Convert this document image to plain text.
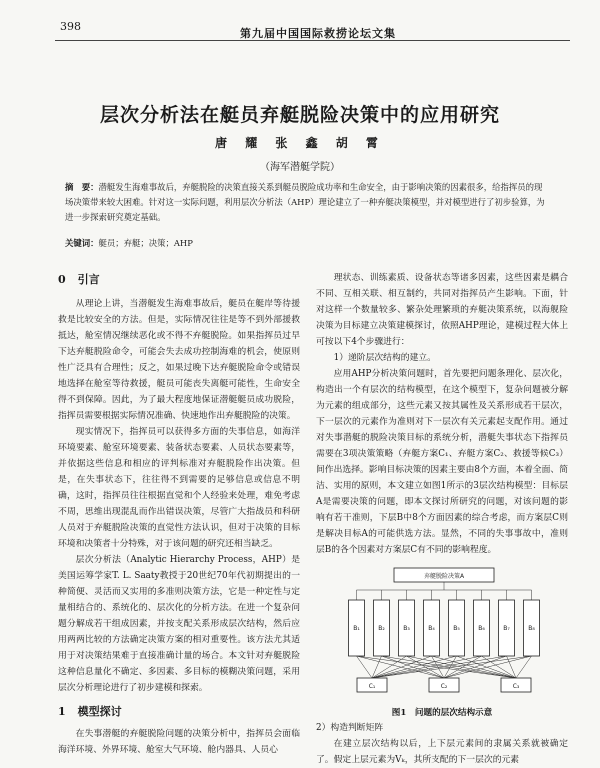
398
第九届中国国际救捞论坛文集
层次分析法在艇员弃艇脱险决策中的应用研究
唐 耀 张 鑫 胡 霄
（海军潜艇学院）
摘　要：潜艇发生海难事故后，弃艇脱险的决策直接关系到艇员脱险成功率和生命安全，由于影响决策的因素很多，给指挥员的现场决策带来较大困难。针对这一实际问题，利用层次分析法（AHP）理论建立了一种弃艇决策模型，并对模型进行了初步验算，为进一步探索研究奠定基础。
关键词：艇员；弃艇；决策；AHP
0 引言

从理论上讲，当潜艇发生海难事故后，艇员在艇岸等待援救是比较安全的方法。但是，实际情况往往是等不到外部援救抵达，舱室情况继续恶化或不得不弃艇脱险。如果指挥员过早下达弃艇脱险命令，可能会失去成功控制海难的机会，使原则性广泛具有合理性；反之，如果过晚下达弃艇脱险命令或错误地选择在舱室等待救援，艇员可能丧失离艇可能性，生命安全得不到保障。因此，为了最大程度地保证潜艇艇员成功脱险，指挥员需要根据实际情况准确、快速地作出弃艇脱险的决策。

现实情况下，指挥员可以获得多方面的失事信息，如海洋环境要素、舱室环境要素、装备状态要素、人员状态要素等，并依据这些信息和相应的评判标准对弃艇脱险作出决策。但是，在失事状态下，往往得不到需要的足够信息或信息不明确，这时，指挥员往往根据直觉和个人经验来处理，难免考虑不周，思维出现混乱而作出错误决策，尽管广大指战员和科研人员对于弃艇脱险决策的直觉性方法认识，但对于决策的目标环境和决策者十分特殊，对于该问题的研究还相当缺乏。

层次分析法（Analytic Hierarchy Process，AHP）是美国运筹学家T. L. Saaty教授于20世纪70年代初期提出的一种简便、灵活而又实用的多准则决策方法，它是一种定性与定量相结合的、系统化的、层次化的分析方法。在进一个复杂问题分解成若干组成因素，并按支配关系形成层次结构，然后应用两两比较的方法确定决策方案的相对重要性。该方法尤其适用于对决策结果难于直接准确计量的场合。本文针对弃艇脱险这种信息量化不确定、多因素、多目标的模糊决策问题，采用层次分析理论进行了初步建模和探索。

1 模型探讨

在失事潜艇的弃艇脱险问题的决策分析中，指挥员会面临海洋环境、外界环境、舱室大气环境、舱内器具、人员心

理状态、训练素质、设备状态等诸多因素，这些因素是耦合不同、互相关联、相互制约，共同对指挥员产生影响。下面，针对这样一个数量较多、繁杂处理繁琐的弃艇决策系统，以海舰险决策为目标建立决策建模探讨，依照AHP理论，建模过程大体上可按以下4个步骤进行：

1）递阶层次结构的建立。

应用AHP分析决策问题时，首先要把问题条理化、层次化，构造出一个有层次的结构模型，在这个模型下，复杂问题被分解为元素的组成部分，这些元素又按其属性及关系形成若干层次，下一层次的元素作为准则对下一层次有关元素起支配作用。通过对失事潜艇的脱险决策目标的系统分析，潜艇失事状态下指挥员需要在3项决策策略（弃艇方案C₁、弃艇方案C₂、救援等候C₃）间作出选择。影响目标决策的因素主要由8个方面，本着全面、简洁、实用的原则，本文建立如图1所示的3层次结构模型：目标层A是需要决策的问题，即本文探讨所研究的问题，对该问题的影响有若干准则，下层B中8个方面因素的综合考虑，而方案层C则是解决目标A的可能供选方法。显然，不同的失事事故中，准则层B的各个因素对方案层C有不同的影响程度。

弃艇脱险决策A
B₁	B₂	B₃	B₄	B₅	B₆	B₇	B₈
C₁	C₂	C₃
图1　问题的层次结构示意
2）构造判断矩阵

在建立层次结构以后，上下层元素间的隶属关系就被确定了。假定上层元素为Vₖ，其所支配的下一层次的元素
